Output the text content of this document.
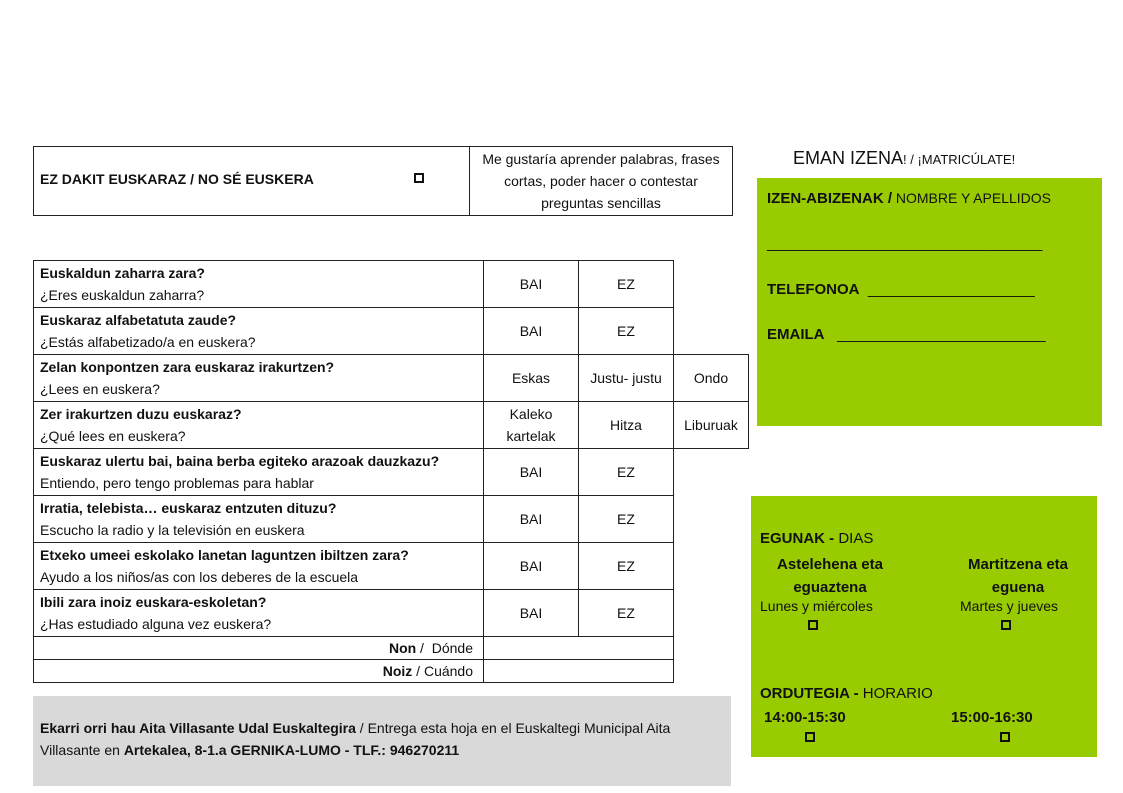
EZ DAKIT EUSKARAZ / NO SÉ EUSKERA
Me gustaría aprender palabras, frases
cortas, poder hacer o contestar
preguntas sencillas
Euskaldun zaharra zara?
¿Eres euskaldun zaharra?	BAI	EZ	
Euskaraz alfabetatuta zaude?
¿Estás alfabetizado/a en euskera?	BAI	EZ	
Zelan konpontzen zara euskaraz irakurtzen?
¿Lees en euskera?	Eskas	Justu- justu	Ondo
Zer irakurtzen duzu euskaraz?
¿Qué lees en euskera?	Kaleko kartelak	Hitza	Liburuak
Euskaraz ulertu bai, baina berba egiteko arazoak dauzkazu?
Entiendo, pero tengo problemas para hablar	BAI	EZ	
Irratia, telebista… euskaraz entzuten dituzu?
Escucho la radio y la televisión en euskera	BAI	EZ	
Etxeko umeei eskolako lanetan laguntzen ibiltzen zara?
Ayudo a los niños/as con los deberes de la escuela	BAI	EZ	
Ibili zara inoiz euskara-eskoletan?
¿Has estudiado alguna vez euskera?	BAI	EZ	
Non /  Dónde			
Noiz / Cuándo			

Ekarri orri hau Aita Villasante Udal Euskaltegira / Entrega esta hoja en el Euskaltegi Municipal Aita Villasante en Artekalea, 8-1.a GERNIKA-LUMO - TLF.: 946270211

EMAN IZENA! / ¡MATRICÚLATE!
IZEN-ABIZENAK / NOMBRE Y APELLIDOS
_________________________________
TELEFONOA ____________________
EMAILA _________________________
EGUNAK - DIAS
Astelehena eta
eguaztena
Lunes y miércoles
Martitzena eta
eguena
Martes y jueves
ORDUTEGIA - HORARIO
14:00-15:30	15:00-16:30
